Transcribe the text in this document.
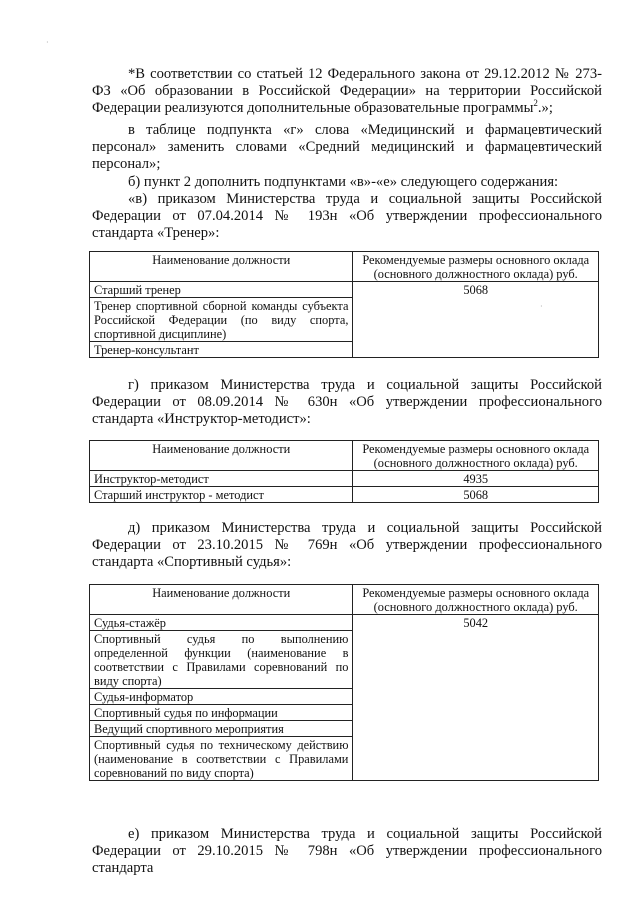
*В соответствии со статьей 12 Федерального закона от 29.12.2012 № 273-ФЗ «Об образовании в Российской Федерации» на территории Российской Федерации реализуются дополнительные образовательные программы$^2$.»;

в таблице подпункта «г» слова «Медицинский и фармацевтический персонал» заменить словами «Средний медицинский и фармацевтический персонал»;

б) пункт 2 дополнить подпунктами «в»-«е» следующего содержания:

«в) приказом Министерства труда и социальной защиты Российской Федерации от 07.04.2014 № 193н «Об утверждении профессионального стандарта «Тренер»:

Наименование должности	Рекомендуемые размеры основного оклада (основного должностного оклада) руб.
Старший тренер	5068
Тренер спортивной сборной команды субъекта Российской Федерации (по виду спорта, спортивной дисциплине)	
Тренер-консультант	

г) приказом Министерства труда и социальной защиты Российской Федерации от 08.09.2014 № 630н «Об утверждении профессионального стандарта «Инструктор-методист»:

Наименование должности	Рекомендуемые размеры основного оклада (основного должностного оклада) руб.
Инструктор-методист	4935
Старший инструктор - методист	5068

д) приказом Министерства труда и социальной защиты Российской Федерации от 23.10.2015 № 769н «Об утверждении профессионального стандарта «Спортивный судья»:

Наименование должности	Рекомендуемые размеры основного оклада (основного должностного оклада) руб.
Судья-стажёр	5042
Спортивный судья по выполнению определенной функции (наименование в соответствии с Правилами соревнований по виду спорта)	
Судья-информатор	
Спортивный судья по информации	
Ведущий спортивного мероприятия	
Спортивный судья по техническому действию (наименование в соответствии с Правилами соревнований по виду спорта)	

е) приказом Министерства труда и социальной защиты Российской Федерации от 29.10.2015 № 798н «Об утверждении профессионального стандарта

·
·
